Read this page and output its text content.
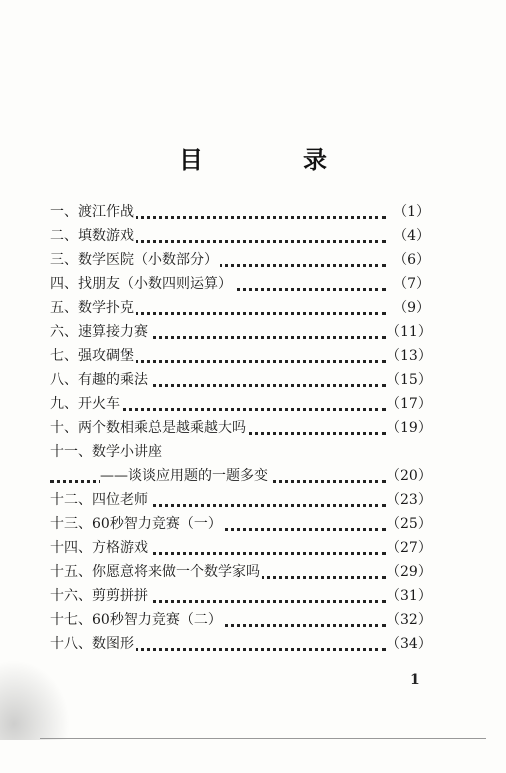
目　录
一、渡江作战	（1）
二、填数游戏	（4）
三、数学医院（小数部分）	（6）
四、找朋友（小数四则运算）	（7）
五、数学扑克	（9）
六、速算接力赛	（11）
七、强攻碉堡	（13）
八、有趣的乘法	（15）
九、开火车	（17）
十、两个数相乘总是越乘越大吗	（19）
十一、数学小讲座
——谈谈应用题的一题多变	（20）
十二、四位老师	（23）
十三、60秒智力竞赛（一）	（25）
十四、方格游戏	（27）
十五、你愿意将来做一个数学家吗	（29）
十六、剪剪拼拼	（31）
十七、60秒智力竞赛（二）	（32）
十八、数图形	（34）
1
